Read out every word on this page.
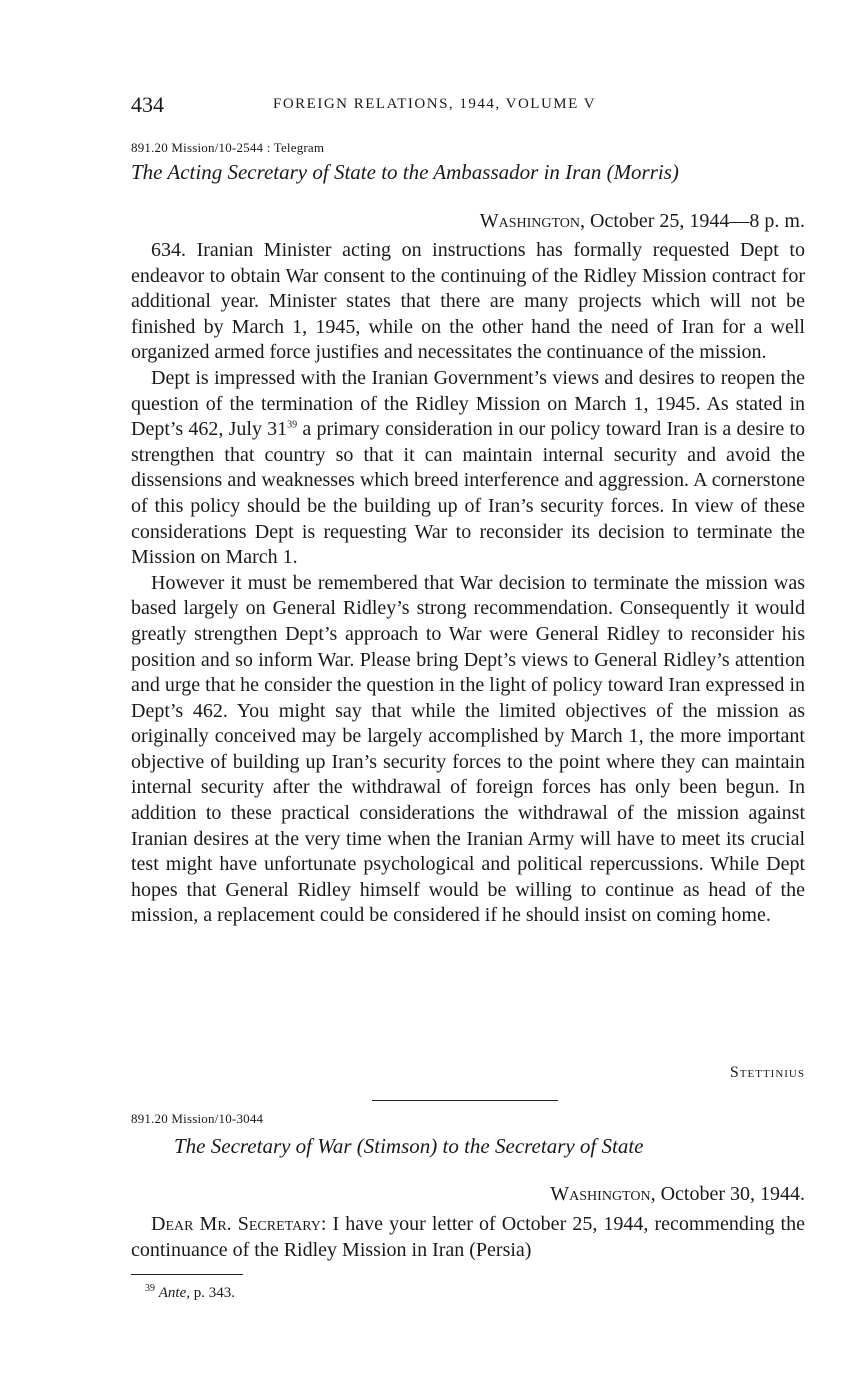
434	FOREIGN RELATIONS, 1944, VOLUME V
891.20 Mission/10-2544 : Telegram
The Acting Secretary of State to the Ambassador in Iran (Morris)
Washington, October 25, 1944—8 p. m.

634. Iranian Minister acting on instructions has formally requested Dept to endeavor to obtain War consent to the continuing of the Ridley Mission contract for additional year. Minister states that there are many projects which will not be finished by March 1, 1945, while on the other hand the need of Iran for a well organized armed force justifies and necessitates the continuance of the mission.

Dept is impressed with the Iranian Government’s views and desires to reopen the question of the termination of the Ridley Mission on March 1, 1945. As stated in Dept’s 462, July $31^{39}$ a primary consideration in our policy toward Iran is a desire to strengthen that country so that it can maintain internal security and avoid the dissensions and weaknesses which breed interference and aggression. A cornerstone of this policy should be the building up of Iran’s security forces. In view of these considerations Dept is requesting War to reconsider its decision to terminate the Mission on March 1.

However it must be remembered that War decision to terminate the mission was based largely on General Ridley’s strong recommendation. Consequently it would greatly strengthen Dept’s approach to War were General Ridley to reconsider his position and so inform War. Please bring Dept’s views to General Ridley’s attention and urge that he consider the question in the light of policy toward Iran expressed in Dept’s 462. You might say that while the limited objectives of the mission as originally conceived may be largely accomplished by March 1, the more important objective of building up Iran’s security forces to the point where they can maintain internal security after the withdrawal of foreign forces has only been begun. In addition to these practical considerations the withdrawal of the mission against Iranian desires at the very time when the Iranian Army will have to meet its crucial test might have unfortunate psychological and political repercussions. While Dept hopes that General Ridley himself would be willing to continue as head of the mission, a replacement could be considered if he should insist on coming home.

Stettinius
891.20 Mission/10-3044
The Secretary of War (Stimson) to the Secretary of State
Washington, October 30, 1944.

Dear Mr. Secretary: I have your letter of October 25, 1944, recommending the continuance of the Ridley Mission in Iran (Persia)

$^{39}$ Ante, p. 343.
